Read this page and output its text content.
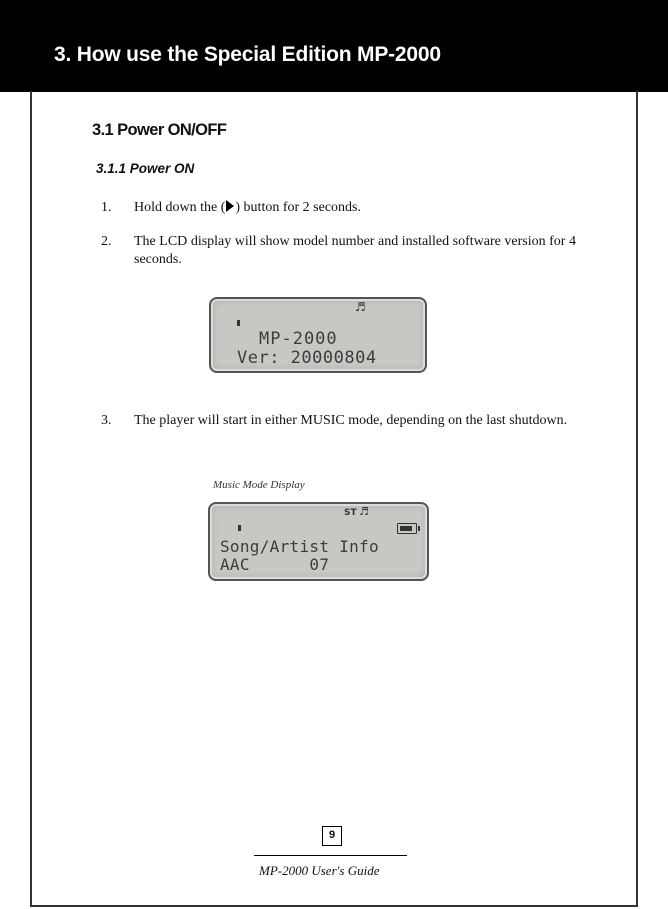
3. How use the Special Edition MP-2000
3.1 Power ON/OFF
3.1.1 Power ON
1. Hold down the ( ) button for 2 seconds.
2. The LCD display will show model number and installed software version for 4 seconds.
♬
MP-2000
Ver: 20000804
3. The player will start in either MUSIC mode, depending on the last shutdown.
Music Mode Display
ST ♬
Song/Artist Info
AAC      07
9
MP-2000 User's Guide
